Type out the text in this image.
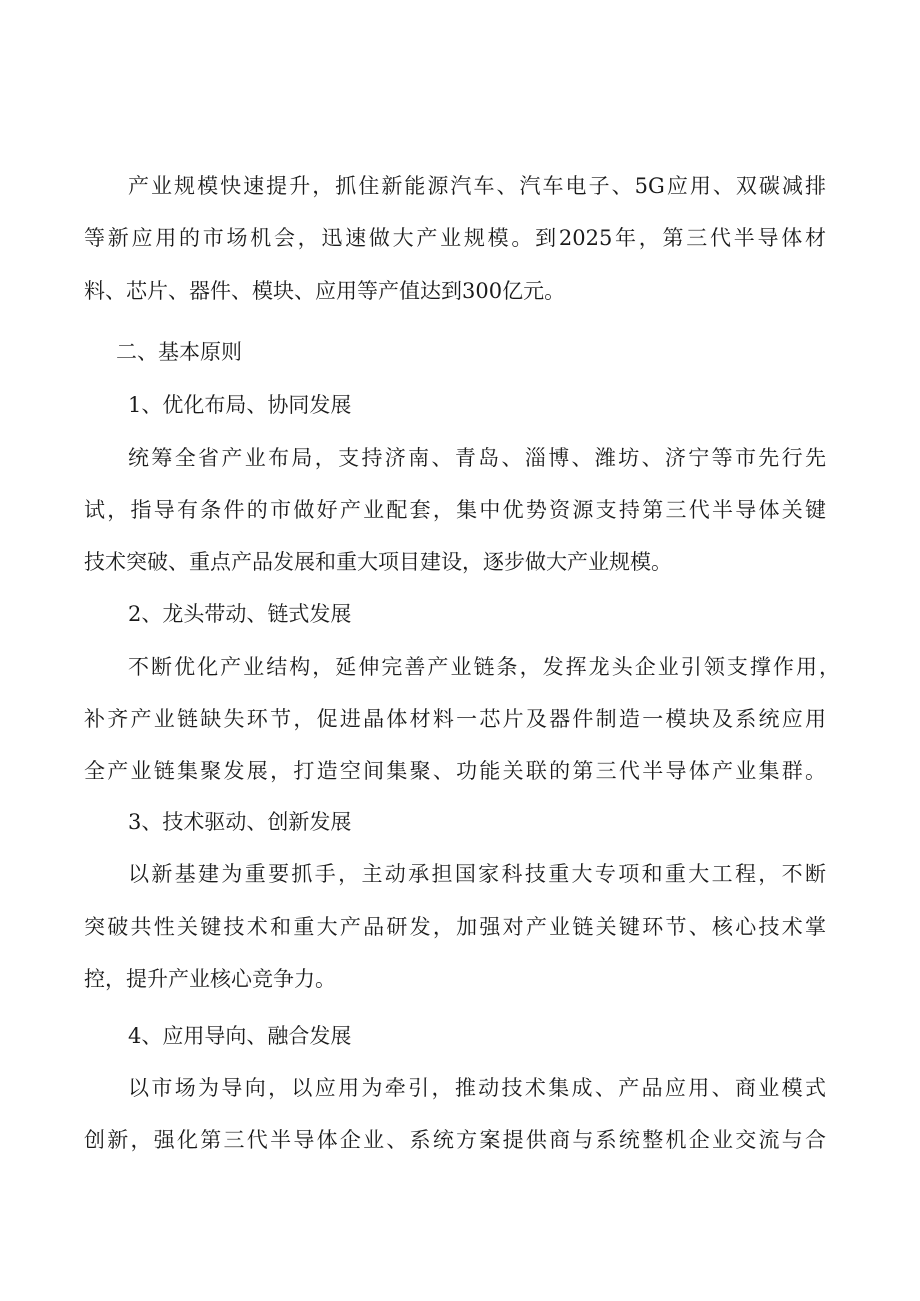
产业规模快速提升，抓住新能源汽车、汽车电子、5G应用、双碳减排
等新应用的市场机会，迅速做大产业规模。到2025年，第三代半导体材
料、芯片、器件、模块、应用等产值达到300亿元。
二、基本原则
1、优化布局、协同发展
统筹全省产业布局，支持济南、青岛、淄博、潍坊、济宁等市先行先
试，指导有条件的市做好产业配套，集中优势资源支持第三代半导体关键
技术突破、重点产品发展和重大项目建设，逐步做大产业规模。
2、龙头带动、链式发展
不断优化产业结构，延伸完善产业链条，发挥龙头企业引领支撑作用，
补齐产业链缺失环节，促进晶体材料一芯片及器件制造一模块及系统应用
全产业链集聚发展，打造空间集聚、功能关联的第三代半导体产业集群。
3、技术驱动、创新发展
以新基建为重要抓手，主动承担国家科技重大专项和重大工程，不断
突破共性关键技术和重大产品研发，加强对产业链关键环节、核心技术掌
控，提升产业核心竞争力。
4、应用导向、融合发展
以市场为导向，以应用为牵引，推动技术集成、产品应用、商业模式
创新，强化第三代半导体企业、系统方案提供商与系统整机企业交流与合
